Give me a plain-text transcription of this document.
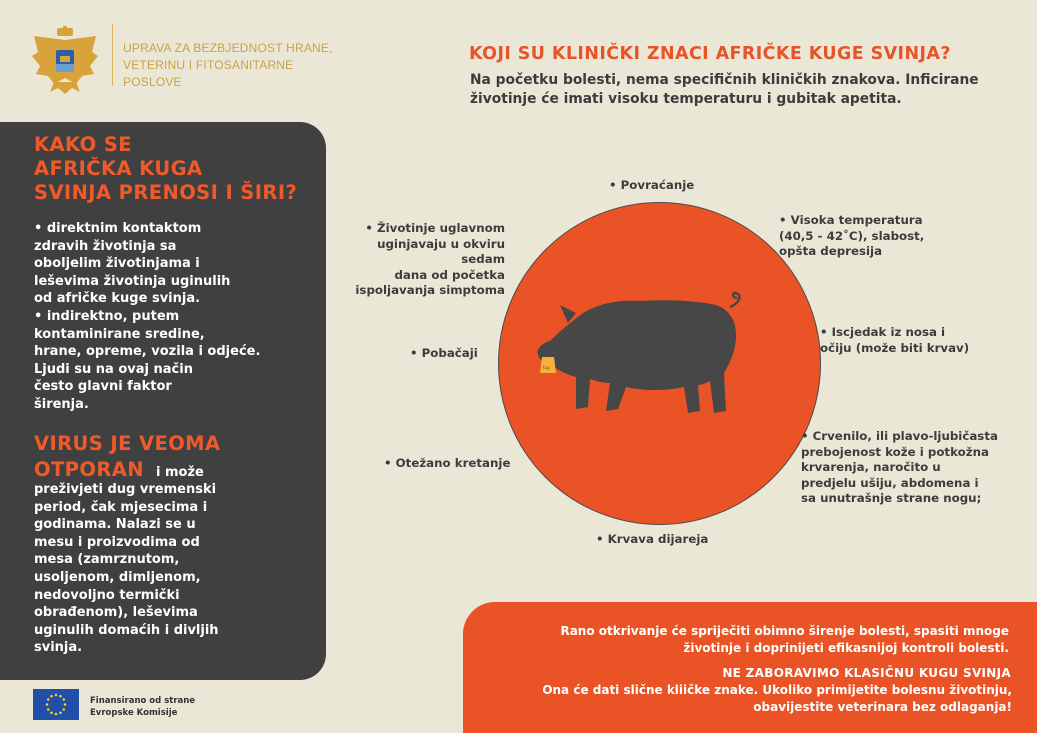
UPRAVA ZA BEZBJEDNOST HRANE,
VETERINU I FITOSANITARNE POSLOVE
KOJI SU KLINIČKI ZNACI AFRIČKE KUGE SVINJA?
Na početku bolesti, nema specifičnih kliničkih znakova. Inficirane
životinje će imati visoku temperaturu i gubitak apetita.
KAKO SE
AFRIČKA KUGA
SVINJA PRENOSI I ŠIRI?
• direktnim kontaktom
zdravih životinja sa
oboljelim životinjama i
leševima životinja uginulih
od afričke kuge svinja.
• indirektno, putem
kontaminirane sredine,
hrane, opreme, vozila i odjeće.
Ljudi su na ovaj način
često glavni faktor
širenja.
VIRUS JE VEOMA
OTPORAN i može
preživjeti dug vremenski
period, čak mjesecima i
godinama. Nalazi se u
mesu i proizvodima od
mesa (zamrznutom,
usoljenom, dimljenom,
nedovoljno termički
obrađenom), leševima
uginulih domaćih i divljih
svinja.
Finansirano od strane
Evropske Komisije
tag
• Povraćanje
• Visoka temperatura
(40,5 - 42˚C), slabost,
opšta depresija
• Iscjedak iz nosa i
očiju (može biti krvav)
• Crvenilo, ili plavo-ljubičasta
prebojenost kože i potkožna
krvarenja, naročito u
predjelu ušiju, abdomena i
sa unutrašnje strane nogu;
• Krvava dijareja
• Otežano kretanje
• Pobačaji
• Životinje uglavnom
uginjavaju u okviru sedam
dana od početka
ispoljavanja simptoma
Rano otkrivanje će spriječiti obimno širenje bolesti, spasiti mnoge
životinje i doprinijeti efikasnijoj kontroli bolesti.
NE ZABORAVIMO KLASIČNU KUGU SVINJA
Ona će dati slične kliičke znake. Ukoliko primijetite bolesnu životinju,
obavijestite veterinara bez odlaganja!
